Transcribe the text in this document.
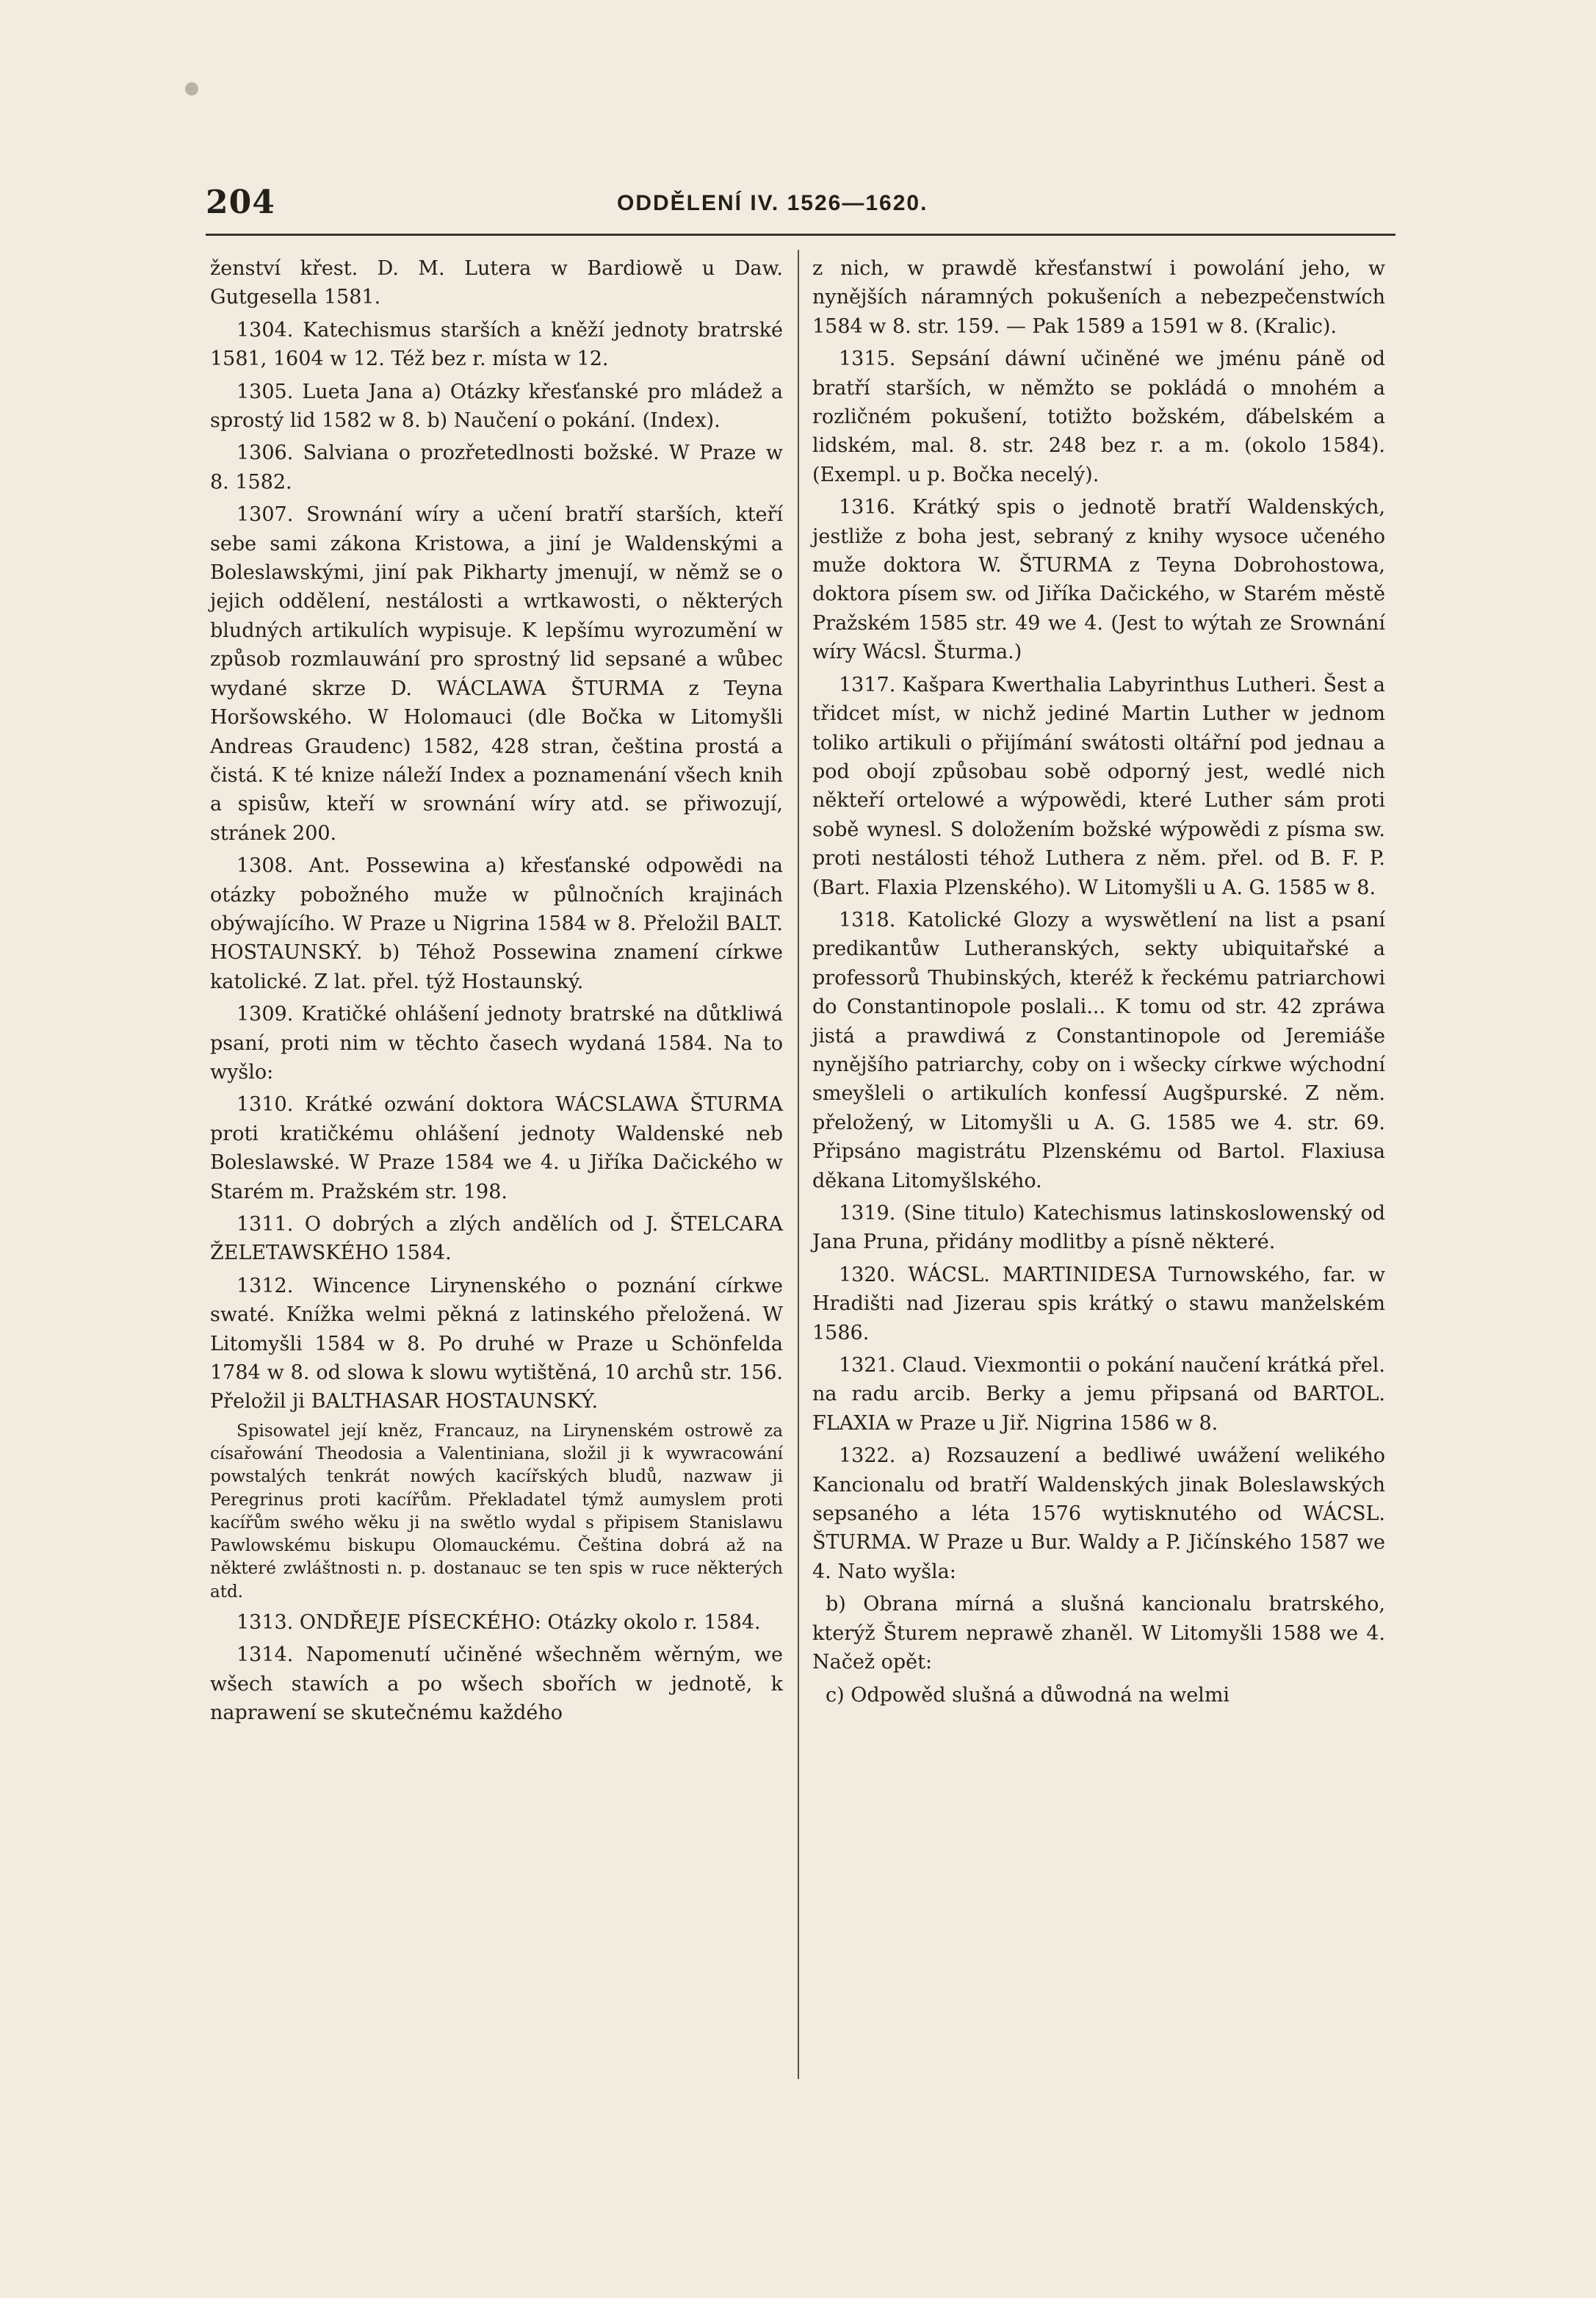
204	ODDĚLENÍ IV. 1526—1620.

ženství křest. D. M. Lutera w Bardiowě u Daw. Gutgesella 1581.

1304. Katechismus starších a kněží jednoty bratrské 1581, 1604 w 12. Též bez r. místa w 12.

1305. Lueta Jana a) Otázky křesťanské pro mládež a sprostý lid 1582 w 8. b) Naučení o pokání. (Index).

1306. Salviana o prozřetedlnosti božské. W Praze w 8. 1582.

1307. Srownání wíry a učení bratří starších, kteří sebe sami zákona Kristowa, a jiní je Waldenskými a Boleslawskými, jiní pak Pikharty jmenují, w němž se o jejich oddělení, nestálosti a wrtkawosti, o některých bludných artikulích wypisuje. K lepšímu wyrozumění w způsob rozmlauwání pro sprostný lid sepsané a wůbec wydané skrze D. WÁCLAWA ŠTURMA z Teyna Horšowského. W Holomauci (dle Bočka w Litomyšli Andreas Graudenc) 1582, 428 stran, čeština prostá a čistá. K té knize náleží Index a poznamenání všech knih a spisůw, kteří w srownání wíry atd. se přiwozují, stránek 200.

1308. Ant. Possewina a) křesťanské odpowědi na otázky pobožného muže w půlnočních krajinách obýwajícího. W Praze u Nigrina 1584 w 8. Přeložil BALT. HOSTAUNSKÝ. b) Téhož Possewina znamení církwe katolické. Z lat. přel. týž Hostaunský.

1309. Kratičké ohlášení jednoty bratrské na důtkliwá psaní, proti nim w těchto časech wydaná 1584. Na to wyšlo:

1310. Krátké ozwání doktora WÁCSLAWA ŠTURMA proti kratičkému ohlášení jednoty Waldenské neb Boleslawské. W Praze 1584 we 4. u Jiříka Dačického w Starém m. Pražském str. 198.

1311. O dobrých a zlých andělích od J. ŠTELCARA ŽELETAWSKÉHO 1584.

1312. Wincence Lirynenského o poznání církwe swaté. Knížka welmi pěkná z latinského přeložená. W Litomyšli 1584 w 8. Po druhé w Praze u Schönfelda 1784 w 8. od slowa k slowu wytištěná, 10 archů str. 156. Přeložil ji BALTHASAR HOSTAUNSKÝ.

Spisowatel její kněz, Francauz, na Lirynenském ostrowě za císařowání Theodosia a Valentiniana, složil ji k wywracowání powstalých tenkrát nowých kacířských bludů, nazwaw ji Peregrinus proti kacířům. Překladatel týmž aumyslem proti kacířům swého wěku ji na swětlo wydal s připisem Stanislawu Pawlowskému biskupu Olomauckému. Čeština dobrá až na některé zwláštnosti n. p. dostanauc se ten spis w ruce některých atd.

1313. ONDŘEJE PÍSECKÉHO: Otázky okolo r. 1584.

1314. Napomenutí učiněné wšechněm wěrným, we wšech stawích a po wšech sbořích w jednotě, k naprawení se skutečnému každého

z nich, w prawdě křesťanstwí i powolání jeho, w nynějších náramných pokušeních a nebezpečenstwích 1584 w 8. str. 159. — Pak 1589 a 1591 w 8. (Kralic).

1315. Sepsání dáwní učiněné we jménu páně od bratří starších, w němžto se pokládá o mnohém a rozličném pokušení, totižto božském, ďábelském a lidském, mal. 8. str. 248 bez r. a m. (okolo 1584). (Exempl. u p. Bočka necelý).

1316. Krátký spis o jednotě bratří Waldenských, jestliže z boha jest, sebraný z knihy wysoce učeného muže doktora W. ŠTURMA z Teyna Dobrohostowa, doktora písem sw. od Jiříka Dačického, w Starém městě Pražském 1585 str. 49 we 4. (Jest to wýtah ze Srownání wíry Wácsl. Šturma.)

1317. Kašpara Kwerthalia Labyrinthus Lutheri. Šest a třidcet míst, w nichž jediné Martin Luther w jednom toliko artikuli o přijímání swátosti oltářní pod jednau a pod obojí způsobau sobě odporný jest, wedlé nich někteří ortelowé a wýpowědi, které Luther sám proti sobě wynesl. S doložením božské wýpowědi z písma sw. proti nestálosti téhož Luthera z něm. přel. od B. F. P. (Bart. Flaxia Plzenského). W Litomyšli u A. G. 1585 w 8.

1318. Katolické Glozy a wyswětlení na list a psaní predikantůw Lutheranských, sekty ubiquitařské a professorů Thubinských, kteréž k řeckému patriarchowi do Constantinopole poslali... K tomu od str. 42 zpráwa jistá a prawdiwá z Constantinopole od Jeremiáše nynějšího patriarchy, coby on i wšecky církwe wýchodní smeyšleli o artikulích konfessí Augšpurské. Z něm. přeložený, w Litomyšli u A. G. 1585 we 4. str. 69. Připsáno magistrátu Plzenskému od Bartol. Flaxiusa děkana Litomyšlského.

1319. (Sine titulo) Katechismus latinskoslowenský od Jana Pruna, přidány modlitby a písně některé.

1320. WÁCSL. MARTINIDESA Turnowského, far. w Hradišti nad Jizerau spis krátký o stawu manželském 1586.

1321. Claud. Viexmontii o pokání naučení krátká přel. na radu arcib. Berky a jemu připsaná od BARTOL. FLAXIA w Praze u Jiř. Nigrina 1586 w 8.

1322. a) Rozsauzení a bedliwé uwážení welikého Kancionalu od bratří Waldenských jinak Boleslawských sepsaného a léta 1576 wytisknutého od WÁCSL. ŠTURMA. W Praze u Bur. Waldy a P. Jičínského 1587 we 4. Nato wyšla:

b) Obrana mírná a slušná kancionalu bratrského, kterýž Šturem neprawě zhaněl. W Litomyšli 1588 we 4. Načež opět:

c) Odpowěd slušná a důwodná na welmi
